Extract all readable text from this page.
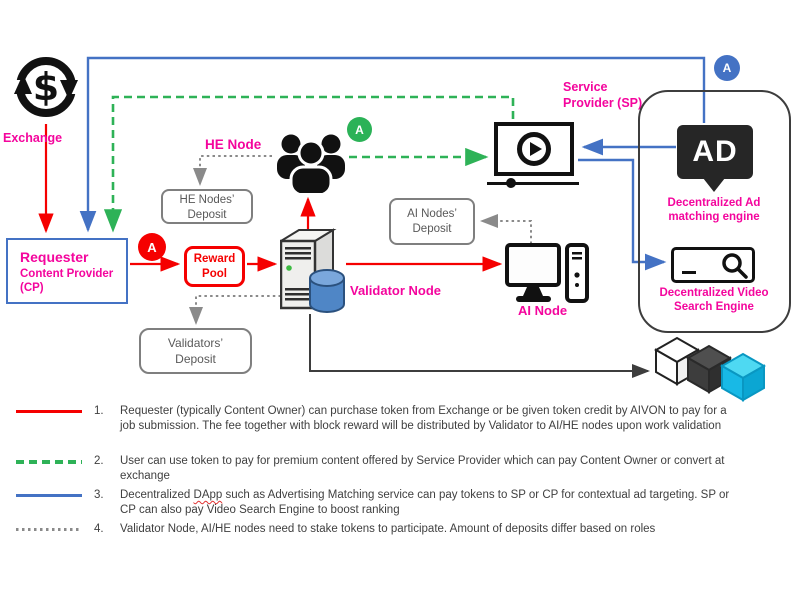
$
Exchange
Requester
Content Provider
(CP)
Reward
Pool
HE Node
HE Nodes’
Deposit
Validator Node
Validators’
Deposit
AI Nodes’
Deposit
AI Node
Service
Provider (SP)
AD
Decentralized Ad
matching engine
Decentralized Video
Search Engine
A
A
A
1.	Requester (typically Content Owner) can purchase token from Exchange or be given token credit by AIVON to pay for a job submission. The fee together with block reward will be distributed by Validator to AI/HE nodes upon work validation
2.	User can use token to pay for premium content offered by Service Provider which can pay Content Owner or convert at exchange
3.	Decentralized DApp such as Advertising Matching service can pay tokens to SP or CP for contextual ad targeting. SP or CP can also pay Video Search Engine to boost ranking
4.	Validator Node, AI/HE nodes need to stake tokens to participate. Amount of deposits differ based on roles
